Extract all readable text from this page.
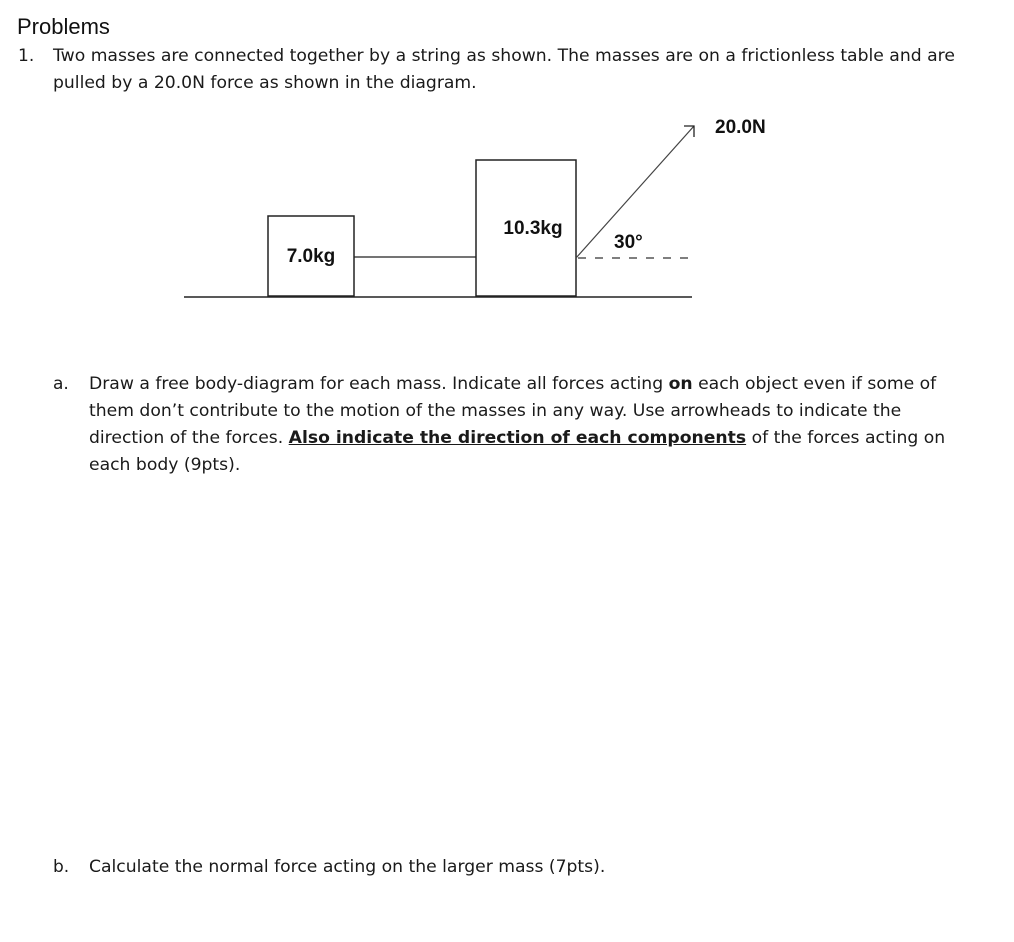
Problems
1. Two masses are connected together by a string as shown. The masses are on a frictionless table and are pulled by a 20.0N force as shown in the diagram.

7.0kg
10.3kg
30°
20.0N
a. Draw a free body-diagram for each mass. Indicate all forces acting on each object even if some of them don’t contribute to the motion of the masses in any way. Use arrowheads to indicate the direction of the forces. Also indicate the direction of each components of the forces acting on each body (9pts).

b. Calculate the normal force acting on the larger mass (7pts).
